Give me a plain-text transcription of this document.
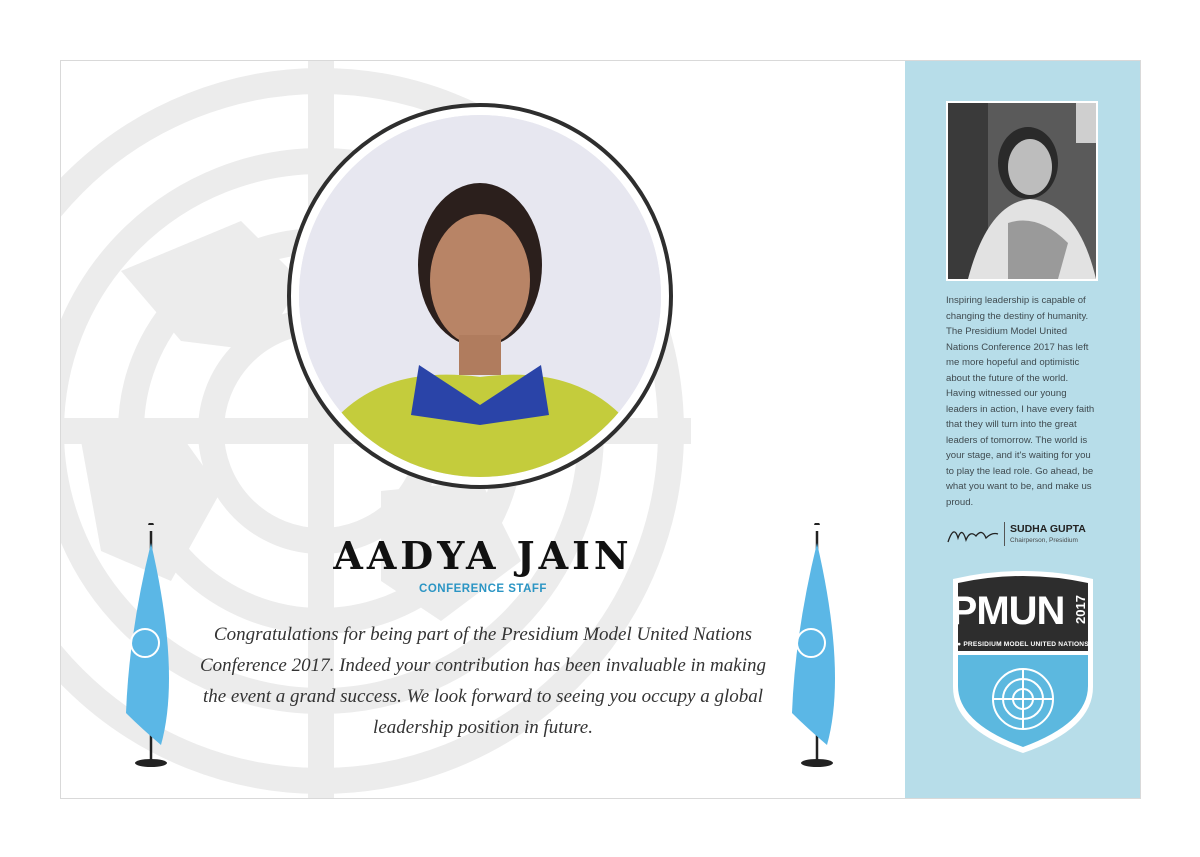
AADYA JAIN
CONFERENCE STAFF
Congratulations for being part of the Presidium Model United Nations Conference 2017. Indeed your contribution has been invaluable in making the event a grand success. We look forward to seeing you occupy a global leadership position in future.
Inspiring leadership is capable of changing the destiny of humanity. The Presidium Model United Nations Conference 2017 has left me more hopeful and optimistic about the future of the world. Having witnessed our young leaders in action, I have every faith that they will turn into the great leaders of tomorrow. The world is your stage, and it's waiting for you to play the lead role. Go ahead, be what you want to be, and make us proud.
SUDHA GUPTA
Chairperson, Presidium
PMUN 2017
● PRESIDIUM MODEL UNITED NATIONS
